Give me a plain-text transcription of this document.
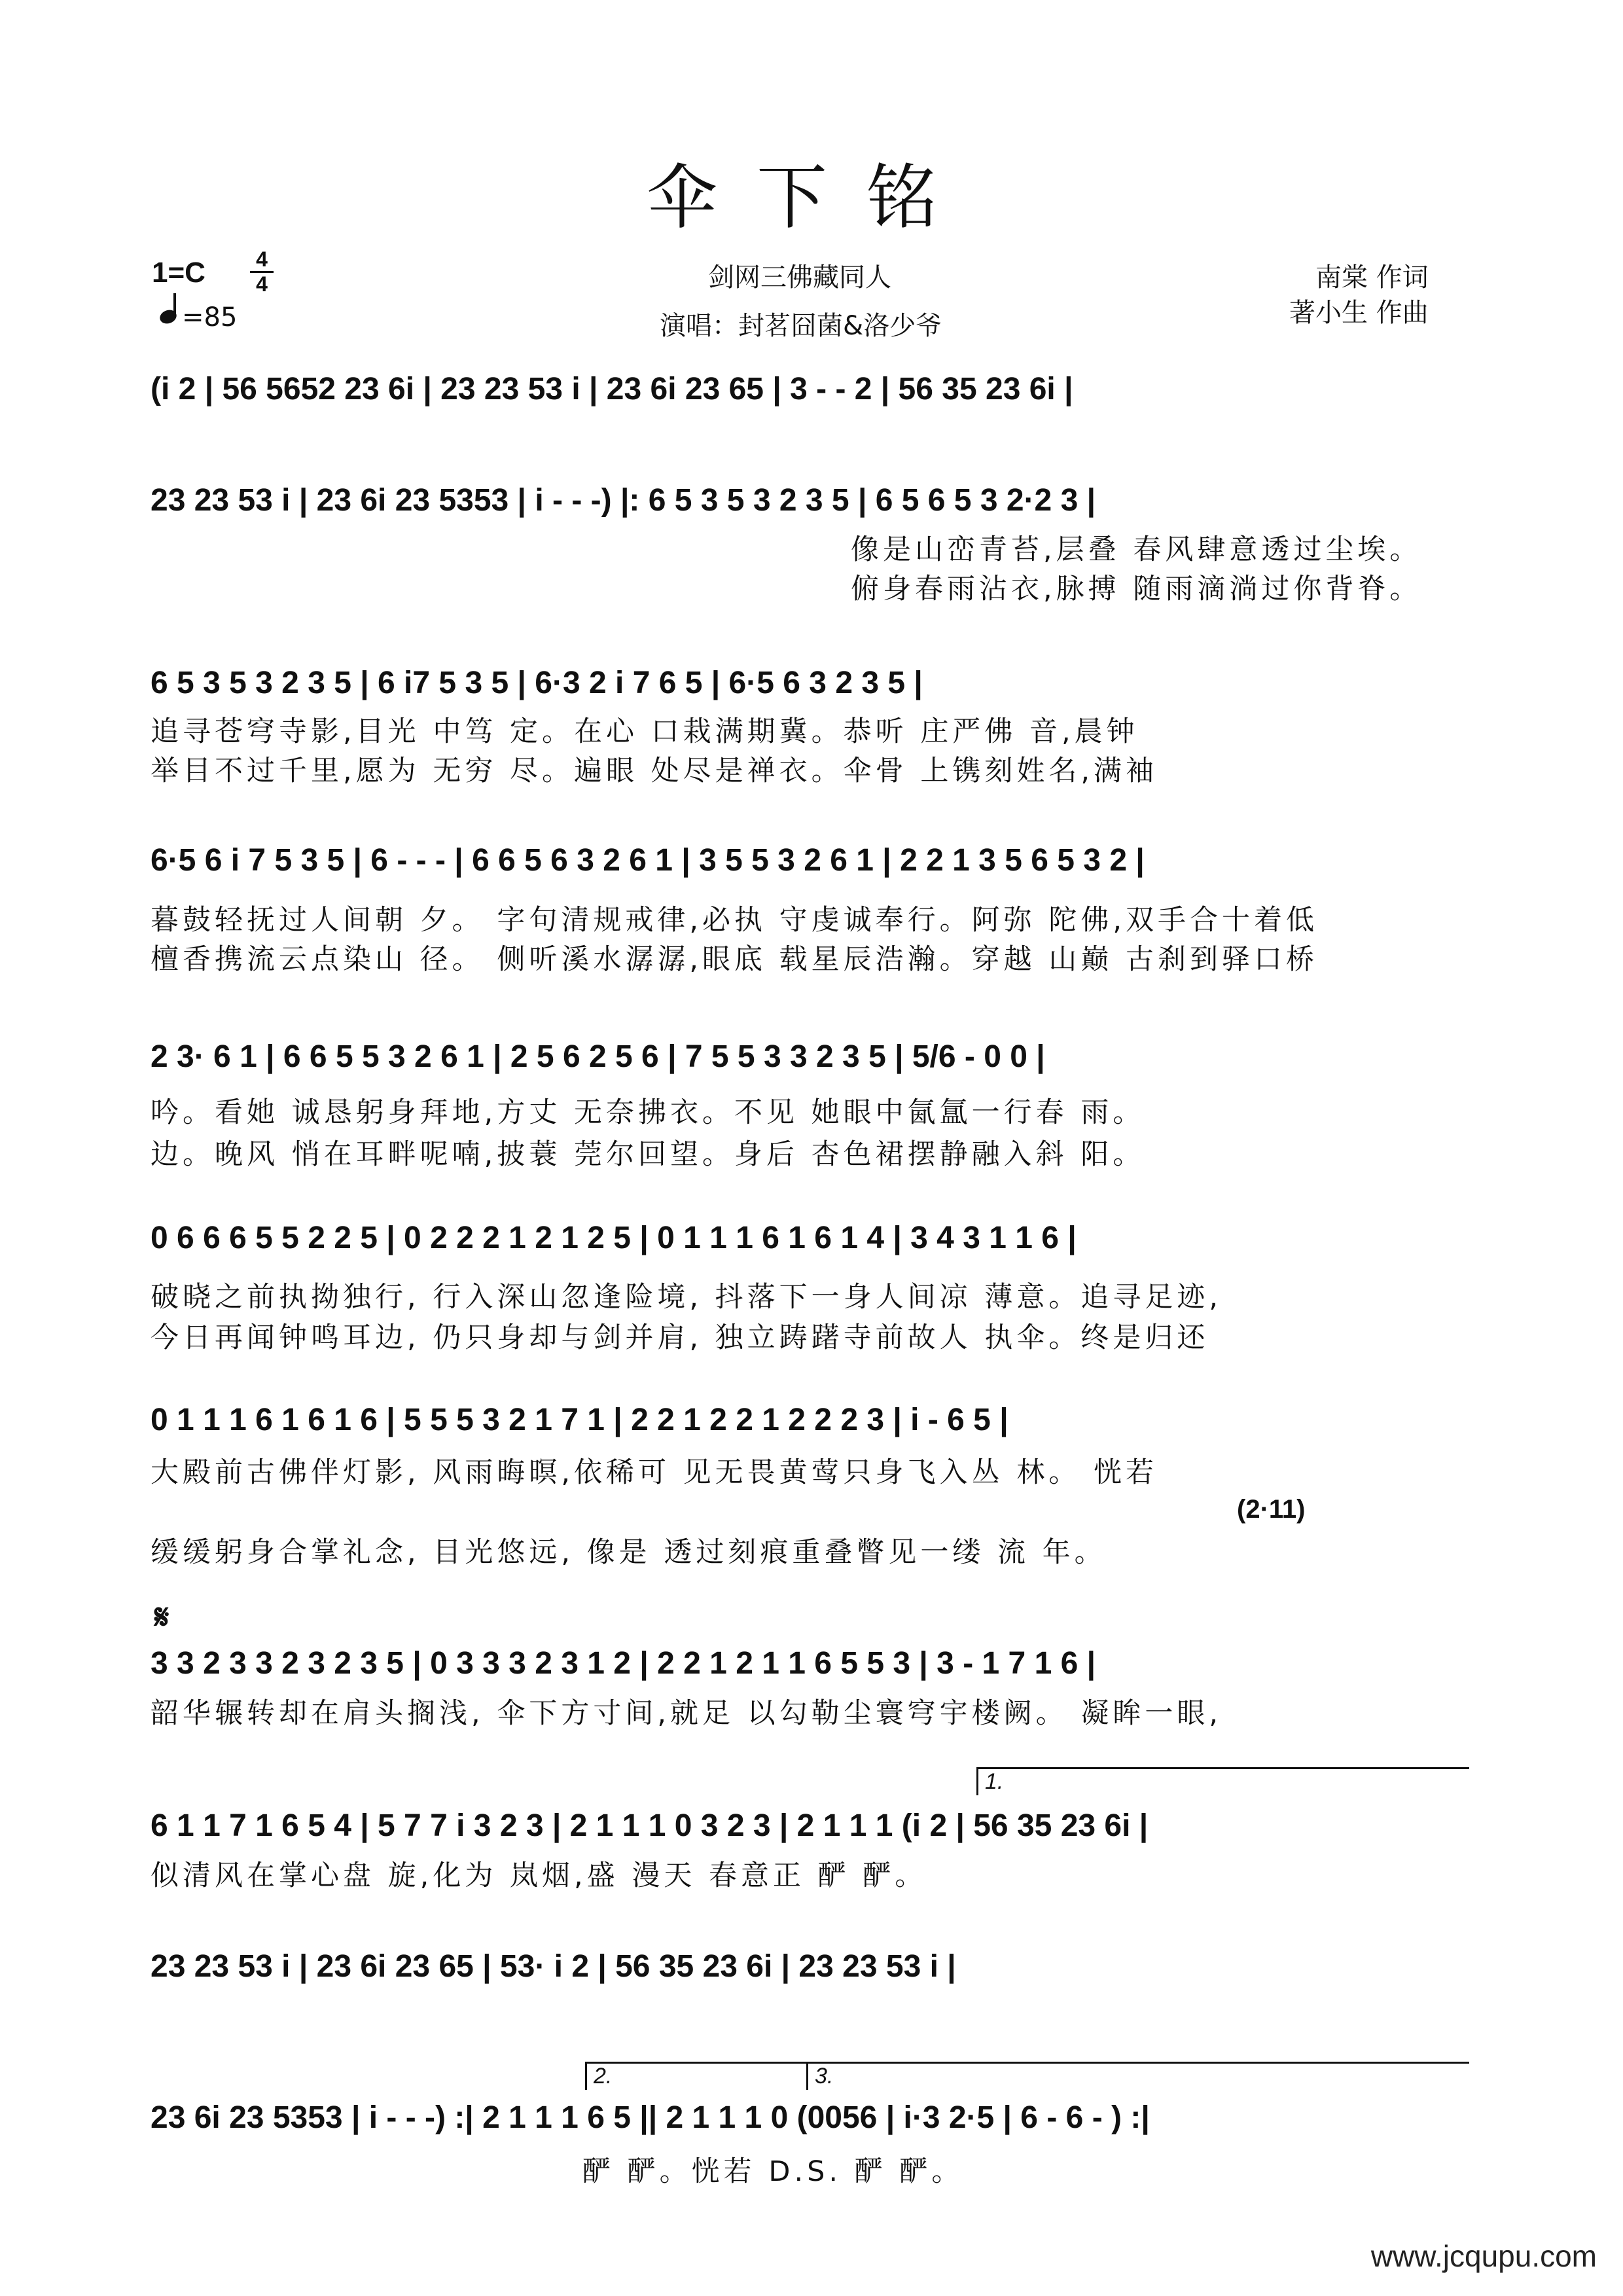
伞下铭
1=C 4
4
=85
剑网三佛藏同人
演唱：封茗囧菌&洛少爷
南棠 作词
著小生 作曲
(i 2 | 56 5652 23 6i | 23 23 53 i | 23 6i 23 65 | 3 - - 2 | 56 35 23 6i |
23 23 53 i | 23 6i 23 5353 | i - - -) |: 6 5 3 5 3 2 3 5 | 6 5 6 5 3 2·2 3 |
像是山峦青苔,层叠 春风肆意透过尘埃。
俯身春雨沾衣,脉搏 随雨滴淌过你背脊。
6 5 3 5 3 2 3 5 | 6 i7 5 3 5 | 6·3 2 i 7 6 5 | 6·5 6 3 2 3 5 |
追寻苍穹寺影,目光 中笃 定。在心 口栽满期冀。恭听 庄严佛 音,晨钟
举目不过千里,愿为 无穷 尽。遍眼 处尽是禅衣。伞骨 上镌刻姓名,满袖
6·5 6 i 7 5 3 5 | 6 - - - | 6 6 5 6 3 2 6 1 | 3 5 5 3 2 6 1 | 2 2 1 3 5 6 5 3 2 |
暮鼓轻抚过人间朝 夕。 字句清规戒律,必执 守虔诚奉行。阿弥 陀佛,双手合十着低
檀香携流云点染山 径。 侧听溪水潺潺,眼底 载星辰浩瀚。穿越 山巅 古刹到驿口桥
2 3· 6 1 | 6 6 5 5 3 2 6 1 | 2 5 6 2 5 6 | 7 5 5 3 3 2 3 5 | 5/6 - 0 0 |
吟。看她 诚恳躬身拜地,方丈 无奈拂衣。不见 她眼中氤氲一行春 雨。
边。晚风 悄在耳畔呢喃,披蓑 莞尔回望。身后 杏色裙摆静融入斜 阳。
0 6 6 6 5 5 2 2 5 | 0 2 2 2 1 2 1 2 5 | 0 1 1 1 6 1 6 1 4 | 3 4 3 1 1 6 |
破晓之前执拗独行, 行入深山忽逢险境, 抖落下一身人间凉 薄意。追寻足迹,
今日再闻钟鸣耳边, 仍只身却与剑并肩, 独立踌躇寺前故人 执伞。终是归还
0 1 1 1 6 1 6 1 6 | 5 5 5 3 2 1 7 1 | 2 2 1 2 2 1 2 2 2 3 | i - 6 5 |
大殿前古佛伴灯影, 风雨晦暝,依稀可 见无畏黄莺只身飞入丛 林。 恍若
(2·11)
缓缓躬身合掌礼念, 目光悠远, 像是 透过刻痕重叠瞥见一缕 流 年。
𝄋
3 3 2 3 3 2 3 2 3 5 | 0 3 3 3 2 3 1 2 | 2 2 1 2 1 1 6 5 5 3 | 3 - 1 7 1 6 |
韶华辗转却在肩头搁浅, 伞下方寸间,就足 以勾勒尘寰穹宇楼阙。 凝眸一眼,
1.
6 1 1 7 1 6 5 4 | 5 7 7 i 3 2 3 | 2 1 1 1 0 3 2 3 | 2 1 1 1 (i 2 | 56 35 23 6i |
似清风在掌心盘 旋,化为 岚烟,盛 漫天 春意正 酽 酽。
23 23 53 i | 23 6i 23 65 | 53· i 2 | 56 35 23 6i | 23 23 53 i |
2.	3.
23 6i 23 5353 | i - - -) :| 2 1 1 1 6 5 || 2 1 1 1 0 (0056 | i·3 2·5 | 6 - 6 - ) :|
酽 酽。恍若 D.S. 酽 酽。
www.jcqupu.com
